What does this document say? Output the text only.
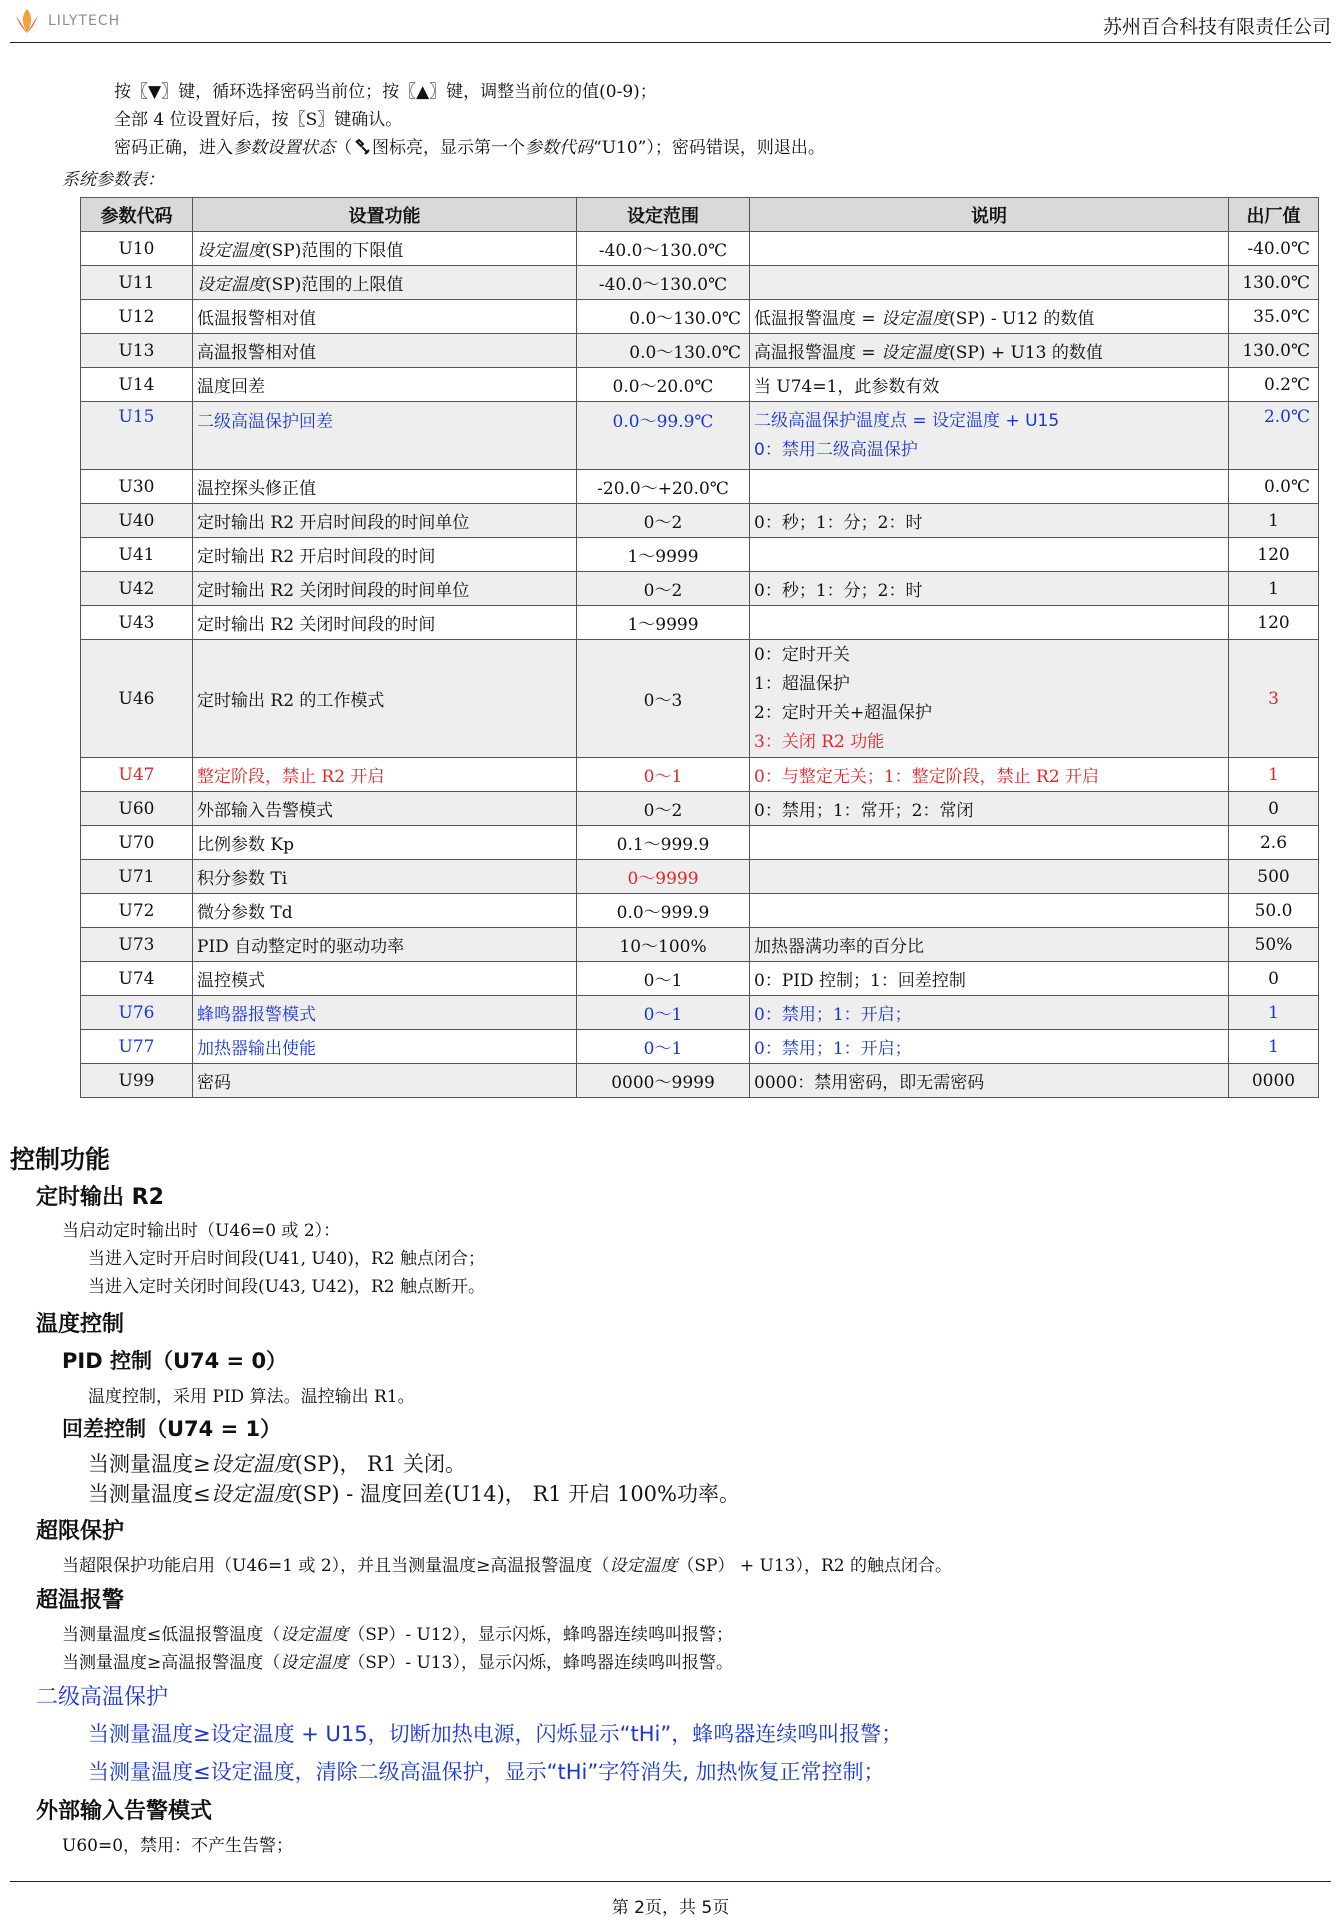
LILYTECH	苏州百合科技有限责任公司
按〖▼〗键，循环选择密码当前位；按〖▲〗键，调整当前位的值(0-9)；
全部 4 位设置好后，按〖S〗键确认。
密码正确，进入参数设置状态（ 图标亮，显示第一个参数代码“U10”）；密码错误，则退出。
系统参数表：
参数代码	设置功能	设定范围	说明	出厂值
U10	设定温度(SP)范围的下限值	-40.0～130.0℃		-40.0℃
U11	设定温度(SP)范围的上限值	-40.0～130.0℃		130.0℃
U12	低温报警相对值	0.0～130.0℃	低温报警温度 = 设定温度(SP) - U12 的数值	35.0℃
U13	高温报警相对值	0.0～130.0℃	高温报警温度 = 设定温度(SP) + U13 的数值	130.0℃
U14	温度回差	0.0～20.0℃	当 U74=1，此参数有效	0.2℃
U15	二级高温保护回差	0.0～99.9℃	二级高温保护温度点 = 设定温度 + U15
0：禁用二级高温保护	2.0℃
U30	温控探头修正值	-20.0～+20.0℃		0.0℃
U40	定时输出 R2 开启时间段的时间单位	0～2	0：秒；1：分；2：时	1
U41	定时输出 R2 开启时间段的时间	1～9999		120
U42	定时输出 R2 关闭时间段的时间单位	0～2	0：秒；1：分；2：时	1
U43	定时输出 R2 关闭时间段的时间	1～9999		120
U46	定时输出 R2 的工作模式	0～3	0：定时开关
1：超温保护
2：定时开关+超温保护
3：关闭 R2 功能	3
U47	整定阶段，禁止 R2 开启	0～1	0：与整定无关；1：整定阶段，禁止 R2 开启	1
U60	外部输入告警模式	0～2	0：禁用；1：常开；2：常闭	0
U70	比例参数 Kp	0.1～999.9		2.6
U71	积分参数 Ti	0～9999		500
U72	微分参数 Td	0.0～999.9		50.0
U73	PID 自动整定时的驱动功率	10～100%	加热器满功率的百分比	50%
U74	温控模式	0～1	0：PID 控制；1：回差控制	0
U76	蜂鸣器报警模式	0～1	0：禁用；1：开启；	1
U77	加热器输出使能	0～1	0：禁用；1：开启；	1
U99	密码	0000～9999	0000：禁用密码，即无需密码	0000
控制功能
定时输出 R2
当启动定时输出时（U46=0 或 2）：
当进入定时开启时间段(U41, U40)，R2 触点闭合；
当进入定时关闭时间段(U43, U42)，R2 触点断开。
温度控制
PID 控制（U74 = 0）
温度控制，采用 PID 算法。温控输出 R1。
回差控制（U74 = 1）
当测量温度≥设定温度(SP)， R1 关闭。
当测量温度≤设定温度(SP) - 温度回差(U14)， R1 开启 100%功率。
超限保护
当超限保护功能启用（U46=1 或 2），并且当测量温度≥高温报警温度（设定温度（SP） + U13），R2 的触点闭合。
超温报警
当测量温度≤低温报警温度（设定温度（SP）- U12），显示闪烁，蜂鸣器连续鸣叫报警；
当测量温度≥高温报警温度（设定温度（SP）- U13），显示闪烁，蜂鸣器连续鸣叫报警。
二级高温保护
当测量温度≥设定温度 + U15，切断加热电源，闪烁显示“tHi”，蜂鸣器连续鸣叫报警；
当测量温度≤设定温度，清除二级高温保护，显示“tHi”字符消失, 加热恢复正常控制；
外部输入告警模式
U60=0，禁用：不产生告警；
第 2页，共 5页
